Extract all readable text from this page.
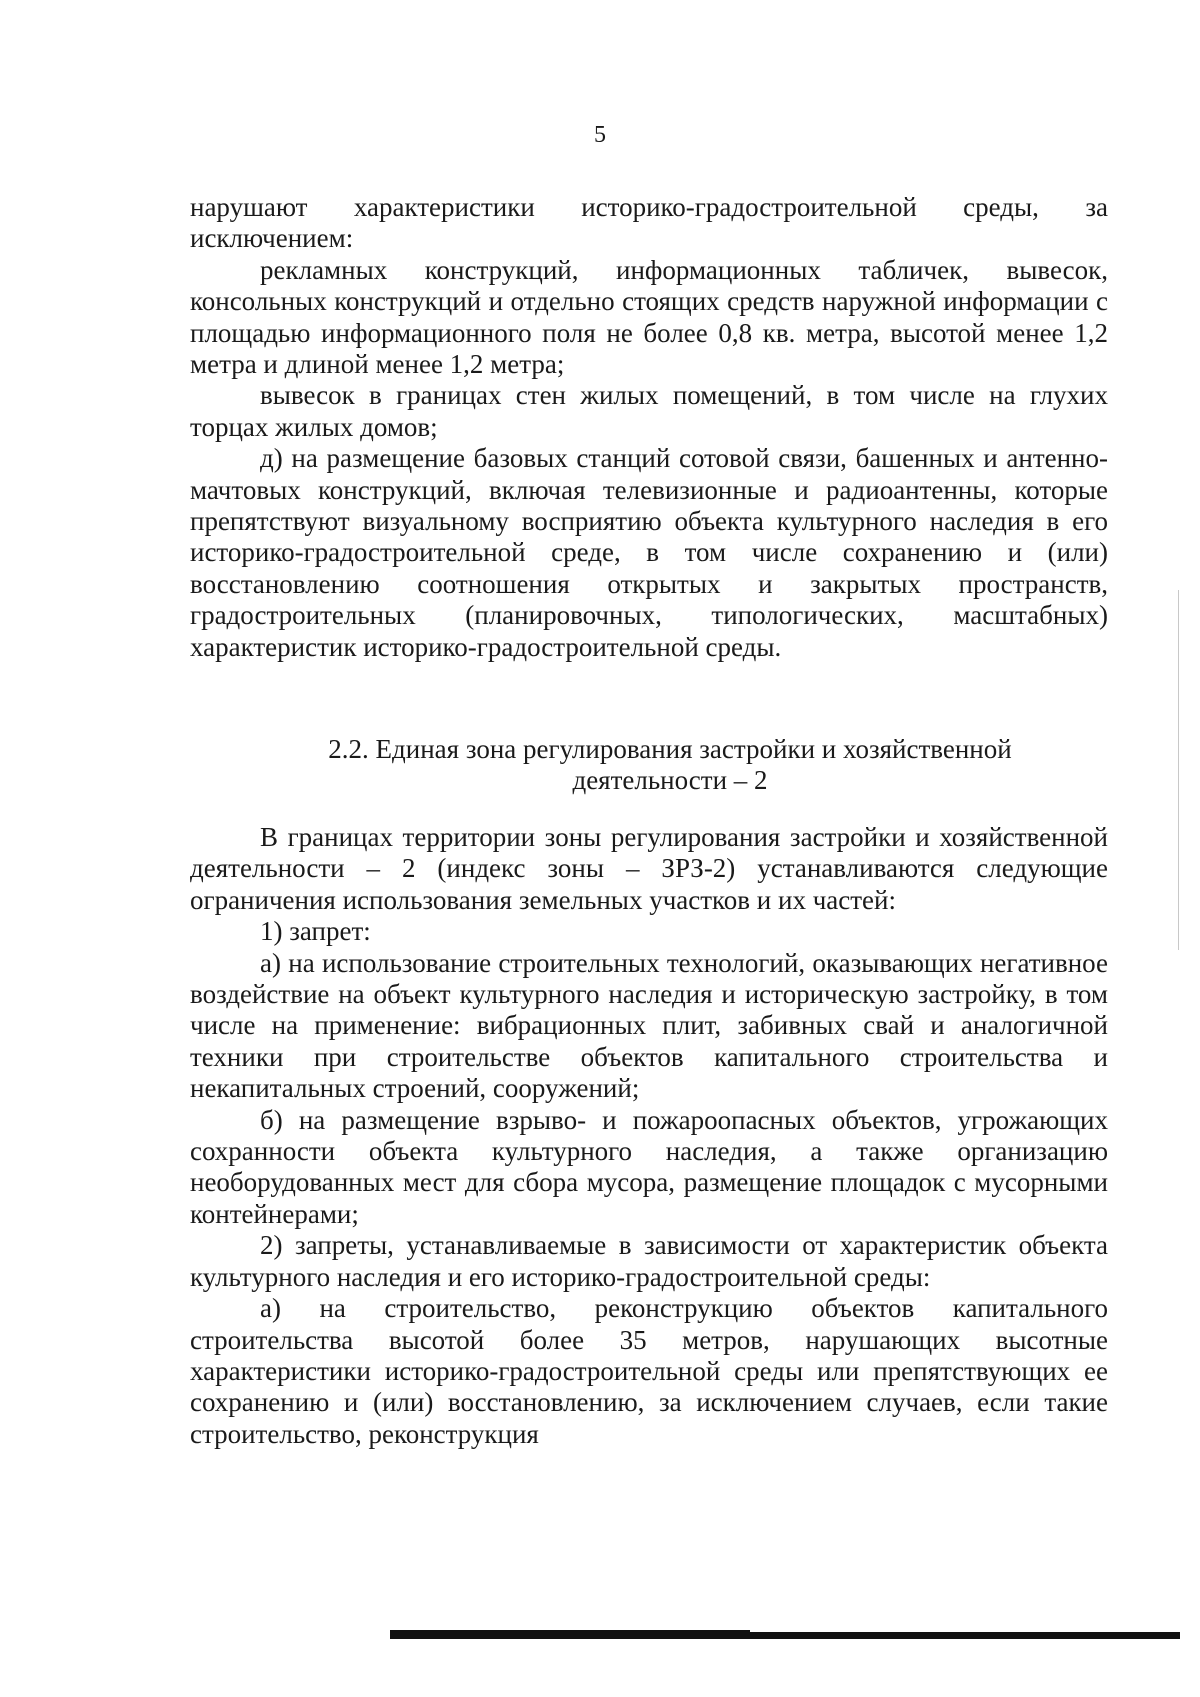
5

нарушают характеристики историко-градостроительной среды, за исключением:

рекламных конструкций, информационных табличек, вывесок, консольных конструкций и отдельно стоящих средств наружной информации с площадью информационного поля не более 0,8 кв. метра, высотой менее 1,2 метра и длиной менее 1,2 метра;

вывесок в границах стен жилых помещений, в том числе на глухих торцах жилых домов;

д) на размещение базовых станций сотовой связи, башенных и антенно-мачтовых конструкций, включая телевизионные и радиоантенны, которые препятствуют визуальному восприятию объекта культурного наследия в его историко-градостроительной среде, в том числе сохранению и (или) восстановлению соотношения открытых и закрытых пространств, градостроительных (планировочных, типологических, масштабных) характеристик историко-градостроительной среды.

2.2. Единая зона регулирования застройки и хозяйственной
деятельности – 2

В границах территории зоны регулирования застройки и хозяйственной деятельности – 2 (индекс зоны – ЗРЗ-2) устанавливаются следующие ограничения использования земельных участков и их частей:

1) запрет:

а) на использование строительных технологий, оказывающих негативное воздействие на объект культурного наследия и историческую застройку, в том числе на применение: вибрационных плит, забивных свай и аналогичной техники при строительстве объектов капитального строительства и некапитальных строений, сооружений;

б) на размещение взрыво- и пожароопасных объектов, угрожающих сохранности объекта культурного наследия, а также организацию необорудованных мест для сбора мусора, размещение площадок с мусорными контейнерами;

2) запреты, устанавливаемые в зависимости от характеристик объекта культурного наследия и его историко-градостроительной среды:

а) на строительство, реконструкцию объектов капитального строительства высотой более 35 метров, нарушающих высотные характеристики историко-градостроительной среды или препятствующих ее сохранению и (или) восстановлению, за исключением случаев, если такие строительство, реконструкция
